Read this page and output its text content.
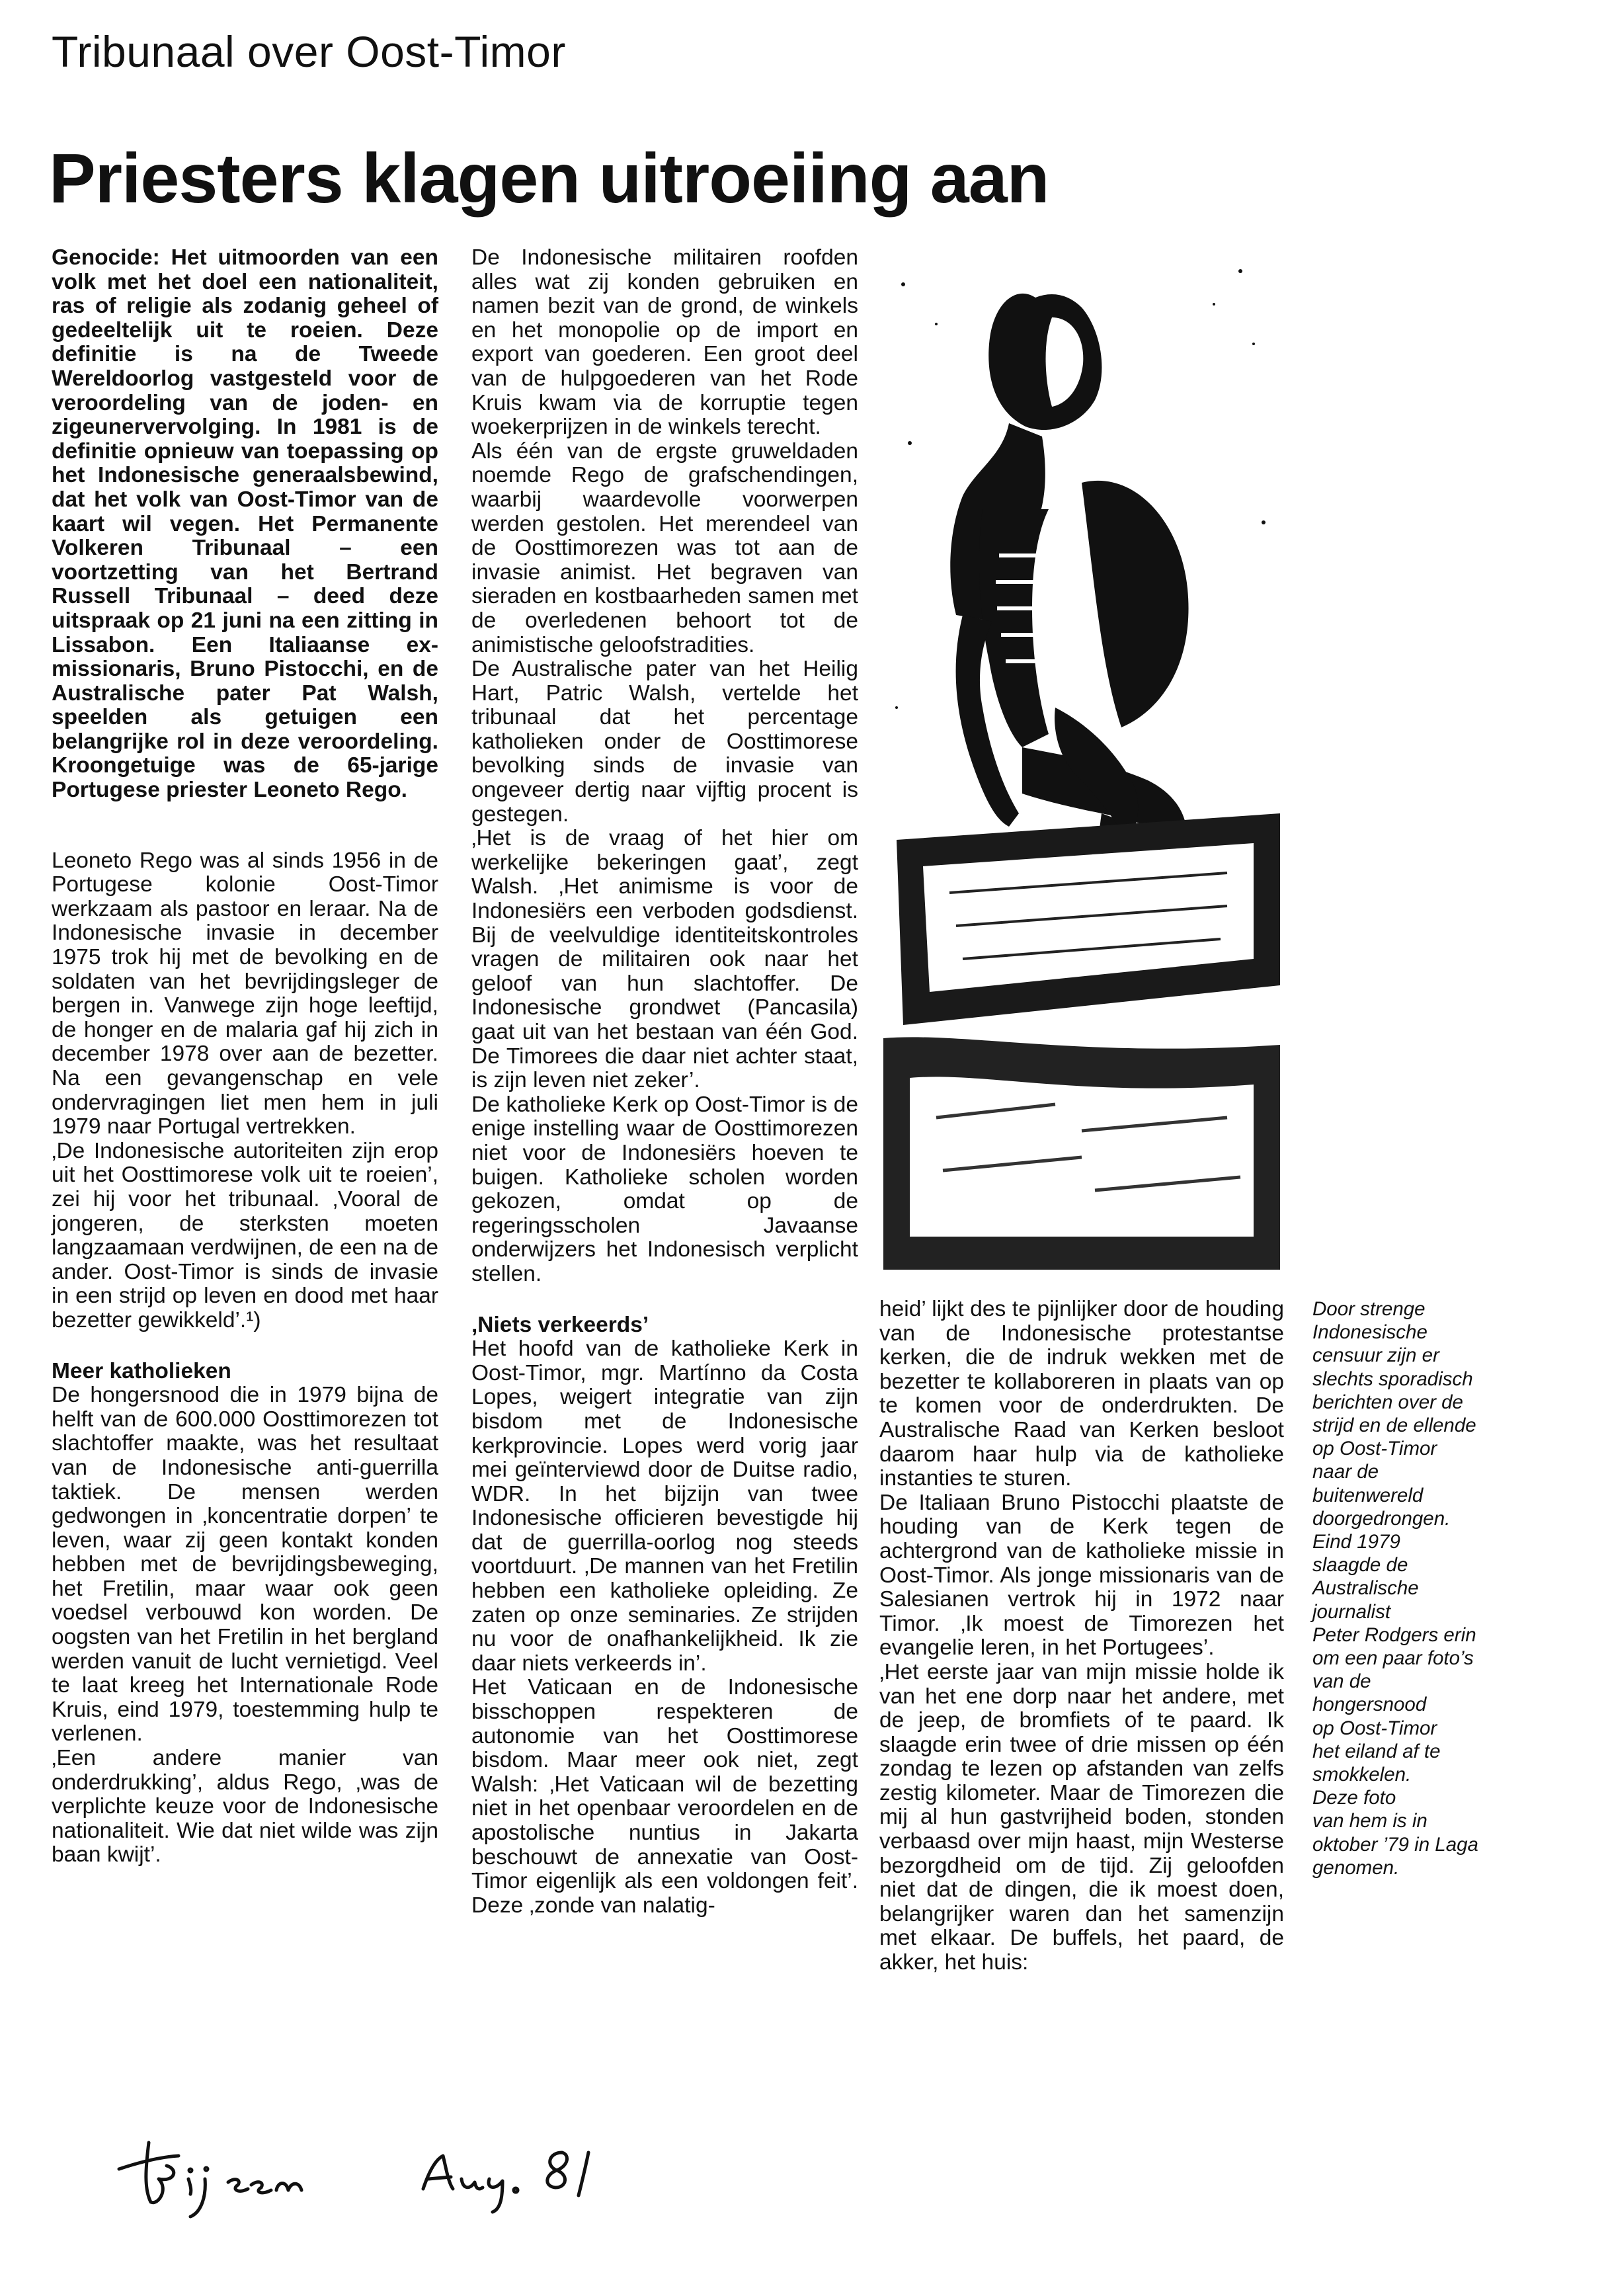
Tribunaal over Oost-Timor
Priesters klagen uitroeiing aan

Genocide: Het uitmoorden van een volk met het doel een nationaliteit, ras of religie als zodanig geheel of gedeeltelijk uit te roeien. Deze definitie is na de Tweede Wereldoorlog vastgesteld voor de veroordeling van de joden- en zigeunervervolging. In 1981 is de definitie opnieuw van toepassing op het Indonesische generaalsbewind, dat het volk van Oost-Timor van de kaart wil vegen. Het Permanente Volkeren Tribunaal – een voortzetting van het Bertrand Russell Tribunaal – deed deze uitspraak op 21 juni na een zitting in Lissabon. Een Italiaanse ex-missionaris, Bruno Pistocchi, en de Australische pater Pat Walsh, speelden als getuigen een belangrijke rol in deze veroordeling. Kroongetuige was de 65-jarige Portugese priester Leoneto Rego.

Leoneto Rego was al sinds 1956 in de Portugese kolonie Oost-Timor werkzaam als pastoor en leraar. Na de Indonesische invasie in december 1975 trok hij met de bevolking en de soldaten van het bevrijdingsleger de bergen in. Vanwege zijn hoge leeftijd, de honger en de malaria gaf hij zich in december 1978 over aan de bezetter. Na een gevangenschap en vele ondervragingen liet men hem in juli 1979 naar Portugal vertrekken.

‚De Indonesische autoriteiten zijn erop uit het Oosttimorese volk uit te roeien’, zei hij voor het tribunaal. ‚Vooral de jongeren, de sterksten moeten langzaamaan verdwijnen, de een na de ander. Oost-Timor is sinds de invasie in een strijd op leven en dood met haar bezetter gewikkeld’.¹)

Meer katholieken

De hongersnood die in 1979 bijna de helft van de 600.000 Oosttimorezen tot slachtoffer maakte, was het resultaat van de Indonesische anti-guerrilla taktiek. De mensen werden gedwongen in ‚koncentratie dorpen’ te leven, waar zij geen kontakt konden hebben met de bevrijdingsbeweging, het Fretilin, maar waar ook geen voedsel verbouwd kon worden. De oogsten van het Fretilin in het bergland werden vanuit de lucht vernietigd. Veel te laat kreeg het Internationale Rode Kruis, eind 1979, toestemming hulp te verlenen.

‚Een andere manier van onderdrukking’, aldus Rego, ‚was de verplichte keuze voor de Indonesische nationaliteit. Wie dat niet wilde was zijn baan kwijt’.

De Indonesische militairen roofden alles wat zij konden gebruiken en namen bezit van de grond, de winkels en het monopolie op de import en export van goederen. Een groot deel van de hulpgoederen van het Rode Kruis kwam via de korruptie tegen woekerprijzen in de winkels terecht.

Als één van de ergste gruweldaden noemde Rego de grafschendingen, waarbij waardevolle voorwerpen werden gestolen. Het merendeel van de Oosttimorezen was tot aan de invasie animist. Het begraven van sieraden en kostbaarheden samen met de overledenen behoort tot de animistische geloofstradities.

De Australische pater van het Heilig Hart, Patric Walsh, vertelde het tribunaal dat het percentage katholieken onder de Oosttimorese bevolking sinds de invasie van ongeveer dertig naar vijftig procent is gestegen.

‚Het is de vraag of het hier om werkelijke bekeringen gaat’, zegt Walsh. ‚Het animisme is voor de Indonesiërs een verboden godsdienst. Bij de veelvuldige identiteitskontroles vragen de militairen ook naar het geloof van hun slachtoffer. De Indonesische grondwet (Pancasila) gaat uit van het bestaan van één God. De Timorees die daar niet achter staat, is zijn leven niet zeker’.

De katholieke Kerk op Oost-Timor is de enige instelling waar de Oosttimorezen niet voor de Indonesiërs hoeven te buigen. Katholieke scholen worden gekozen, omdat op de regeringsscholen Javaanse onderwijzers het Indonesisch verplicht stellen.

‚Niets verkeerds’

Het hoofd van de katholieke Kerk in Oost-Timor, mgr. Martínno da Costa Lopes, weigert integratie van zijn bisdom met de Indonesische kerkprovincie. Lopes werd vorig jaar mei geïnterviewd door de Duitse radio, WDR. In het bijzijn van twee Indonesische officieren bevestigde hij dat de guerrilla-oorlog nog steeds voortduurt. ‚De mannen van het Fretilin hebben een katholieke opleiding. Ze zaten op onze seminaries. Ze strijden nu voor de onafhankelijkheid. Ik zie daar niets verkeerds in’.

Het Vaticaan en de Indonesische bisschoppen respekteren de autonomie van het Oosttimorese bisdom. Maar meer ook niet, zegt Walsh: ‚Het Vaticaan wil de bezetting niet in het openbaar veroordelen en de apostolische nuntius in Jakarta beschouwt de annexatie van Oost-Timor eigenlijk als een voldongen feit’. Deze ‚zonde van nalatig-

heid’ lijkt des te pijnlijker door de houding van de Indonesische protestantse kerken, die de indruk wekken met de bezetter te kollaboreren in plaats van op te komen voor de onderdrukten. De Australische Raad van Kerken besloot daarom haar hulp via de katholieke instanties te sturen.

De Italiaan Bruno Pistocchi plaatste de houding van de Kerk tegen de achtergrond van de katholieke missie in Oost-Timor. Als jonge missionaris van de Salesianen vertrok hij in 1972 naar Timor. ‚Ik moest de Timorezen het evangelie leren, in het Portugees’.

‚Het eerste jaar van mijn missie holde ik van het ene dorp naar het andere, met de jeep, de bromfiets of te paard. Ik slaagde erin twee of drie missen op één zondag te lezen op afstanden van zelfs zestig kilometer. Maar de Timorezen die mij al hun gastvrijheid boden, stonden verbaasd over mijn haast, mijn Westerse bezorgdheid om de tijd. Zij geloofden niet dat de dingen, die ik moest doen, belangrijker waren dan het samenzijn met elkaar. De buffels, het paard, de akker, het huis:

Door strenge

Indonesische

censuur zijn er

slechts sporadisch

berichten over de

strijd en de ellende

op Oost-Timor

naar de

buitenwereld

doorgedrongen.

Eind 1979

slaagde de

Australische

journalist

Peter Rodgers erin

om een paar foto’s

van de

hongersnood

op Oost-Timor

het eiland af te

smokkelen.

Deze foto

van hem is in

oktober ’79 in Laga

genomen.
